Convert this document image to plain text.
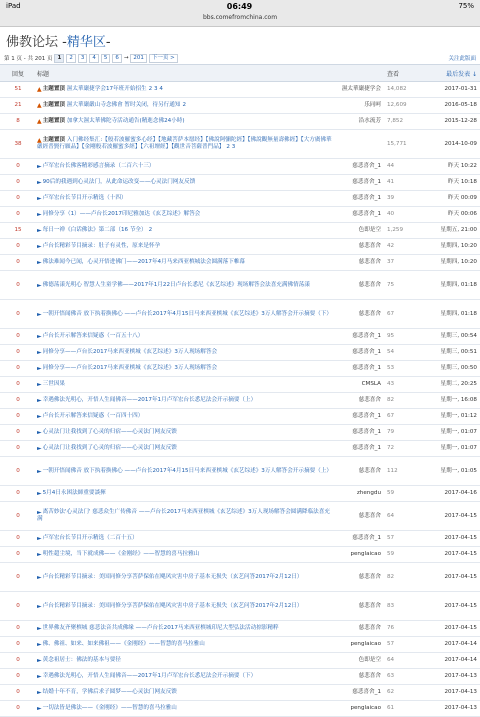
iPad	06:49	75%
bbs.comefromchina.com
佛教论坛 -精华区-
第 1 页 - 共 201 页 1	2	3	4	5	6 → 201	下一页 >	关注此版面
回复	标题		查看	最后发表 ↓
51	▲主题置顶 濕太華嚴捷学会17年班开始招生 2 3 4	濕太華嚴捷学会	14,082	2017-01-31
21	▲主题置顶 濕大華嚴嚴山寺念佛會 暂时关闭，待另行通知 2	乐同呵	12,609	2016-05-18
8	▲主题置顶 加拿大濕太華佛陀寺活动通告(精進念佛24小時)	沿水流芳	7,852	2015-12-28
38	▲主题置顶 入门佛经集汇:【般若波羅蜜多心经】【地藏菩萨本愿经】【佛說阿彌陀經】【佛說觀無量壽佛經】【大方廣佛華嚴經普賢行願品】【金剛般若波羅蜜多經】【六祖壇經】【觀世音菩薩普門品】 2 3		15,771	2014-10-09
0	►卢军宏台长佛客精彩感言摘录（二百六十三）	慈悲喜舍_1	44	昨天 10:22
0	►90后的我遇到心灵法门，从此命运改变——心灵法门网友反馈	慈悲喜舍_1	41	昨天 10:18
0	►卢军宏台长节目开示精选（十四）	慈悲喜舍_1	39	昨天 00:09
0	►同修分享（1）——卢台长2017印尼雅加达《玄艺综述》解答会	慈悲喜舍_1	40	昨天 00:06
15	►每日一禅《白话佛法》第二部（16 节全） 2	色即是空	1,259	星期五, 21:00
0	►卢台长精彩节目摘录：肚子有灵性，原来是怀孕	慈悲喜舍	42	星期四, 10:20
0	►佛法难闻今已闻，心灵开悟进佛门——2017年4月马来西亚槟城法会圆满落下帷幕	慈悲喜舍	37	星期四, 10:20
0	►佛德荡漾光明心 智慧人生童学佛——2017年1月22日卢台长悉尼《玄艺综述》现场解答会法喜充满佛情荡漾	慈悲喜舍	75	星期四, 01:18
0	►一朝开悟闻佛音 放下执着换佛心 ——卢台长2017年4月15日马来西亚槟城《玄艺综述》3万人解答会开示摘要（下）	慈悲喜舍	67	星期四, 01:18
0	►卢台长开示解答来信疑惑（一百五十八）	慈悲喜舍_1	95	星期三, 00:54
0	►同修分享——卢台长2017马来西亚槟城《玄艺综述》3万人现场解答会	慈悲喜舍_1	54	星期三, 00:51
0	►同修分享——卢台长2017马来西亚槟城《玄艺综述》3万人现场解答会	慈悲喜舍_1	53	星期三, 00:50
0	►三世因果	CMSLA	43	星期二, 20:25
0	►幸遇佛法光明心，开悟人生闻佛音——2017年1月卢军宏台长悉尼法会开示摘要（上）	慈悲喜舍	82	星期一, 16:08
0	►卢台长开示解答来信疑惑（一百四十四）	慈悲喜舍_1	67	星期一, 01:12
0	►心灵法门让我找到了心灵的归宿——心灵法门网友反馈	慈悲喜舍_1	79	星期一, 01:07
0	►心灵法门让我找到了心灵的归宿——心灵法门网友反馈	慈悲喜舍_1	72	星期一, 01:07
0	►一朝开悟闻佛音 放下执着换佛心 ——卢台长2017年4月15日马来西亚槟城《玄艺综述》3万人解答会开示摘要（上）	慈悲喜舍	112	星期一, 01:05
0	►5月4日永困法師重要談揮	zhengdu	59	2017-04-16
0	►离苦妙法'心灵法门' 慈悲众生广传佛音 ——卢台长2017马来西亚槟城《玄艺综述》3万人现场解答会圆满降临法喜充满	慈悲喜舍	64	2017-04-15
0	►卢军宏台长节目开示精选（二百十五）	慈悲喜舍_1	57	2017-04-15
0	►明性超尘境，当下就成佛——《金刚经》——智慧的喜马拉雅山	penglaicao	59	2017-04-15
0	►卢台长精彩节目摘录：美国同修分享菩萨保佑在飓风灾害中房子基本无损失（玄艺问答2017年2月12日）	慈悲喜舍	82	2017-04-15
0	►卢台长精彩节目摘录：美国同修分享菩萨保佑在飓风灾害中房子基本无损失（玄艺问答2017年2月12日）	慈悲喜舍	83	2017-04-15
0	►世界佛友齐聚槟城 慈悲法音共成佛缘 ——卢台长2017马来西亚槟城印尼大型弘法活动掠影精粹	慈悲喜舍	76	2017-04-15
0	►佛、佛祖、如来、如来佛祖——《金刚经》——智慧的喜马拉雅山	penglaicao	57	2017-04-14
0	►黄念祖居士：佛法的基本与要径	色即是空	64	2017-04-14
0	►幸遇佛法光明心，开悟人生闻佛音——2017年1月卢军宏台长悉尼法会开示摘要（下）	慈悲喜舍	63	2017-04-13
0	►结婚十年不育，学佛后求子圆梦——心灵法门网友反馈	慈悲喜舍_1	62	2017-04-13
0	►一切法皆是佛法——《金刚经》——智慧的喜马拉雅山	penglaicao	61	2017-04-13
